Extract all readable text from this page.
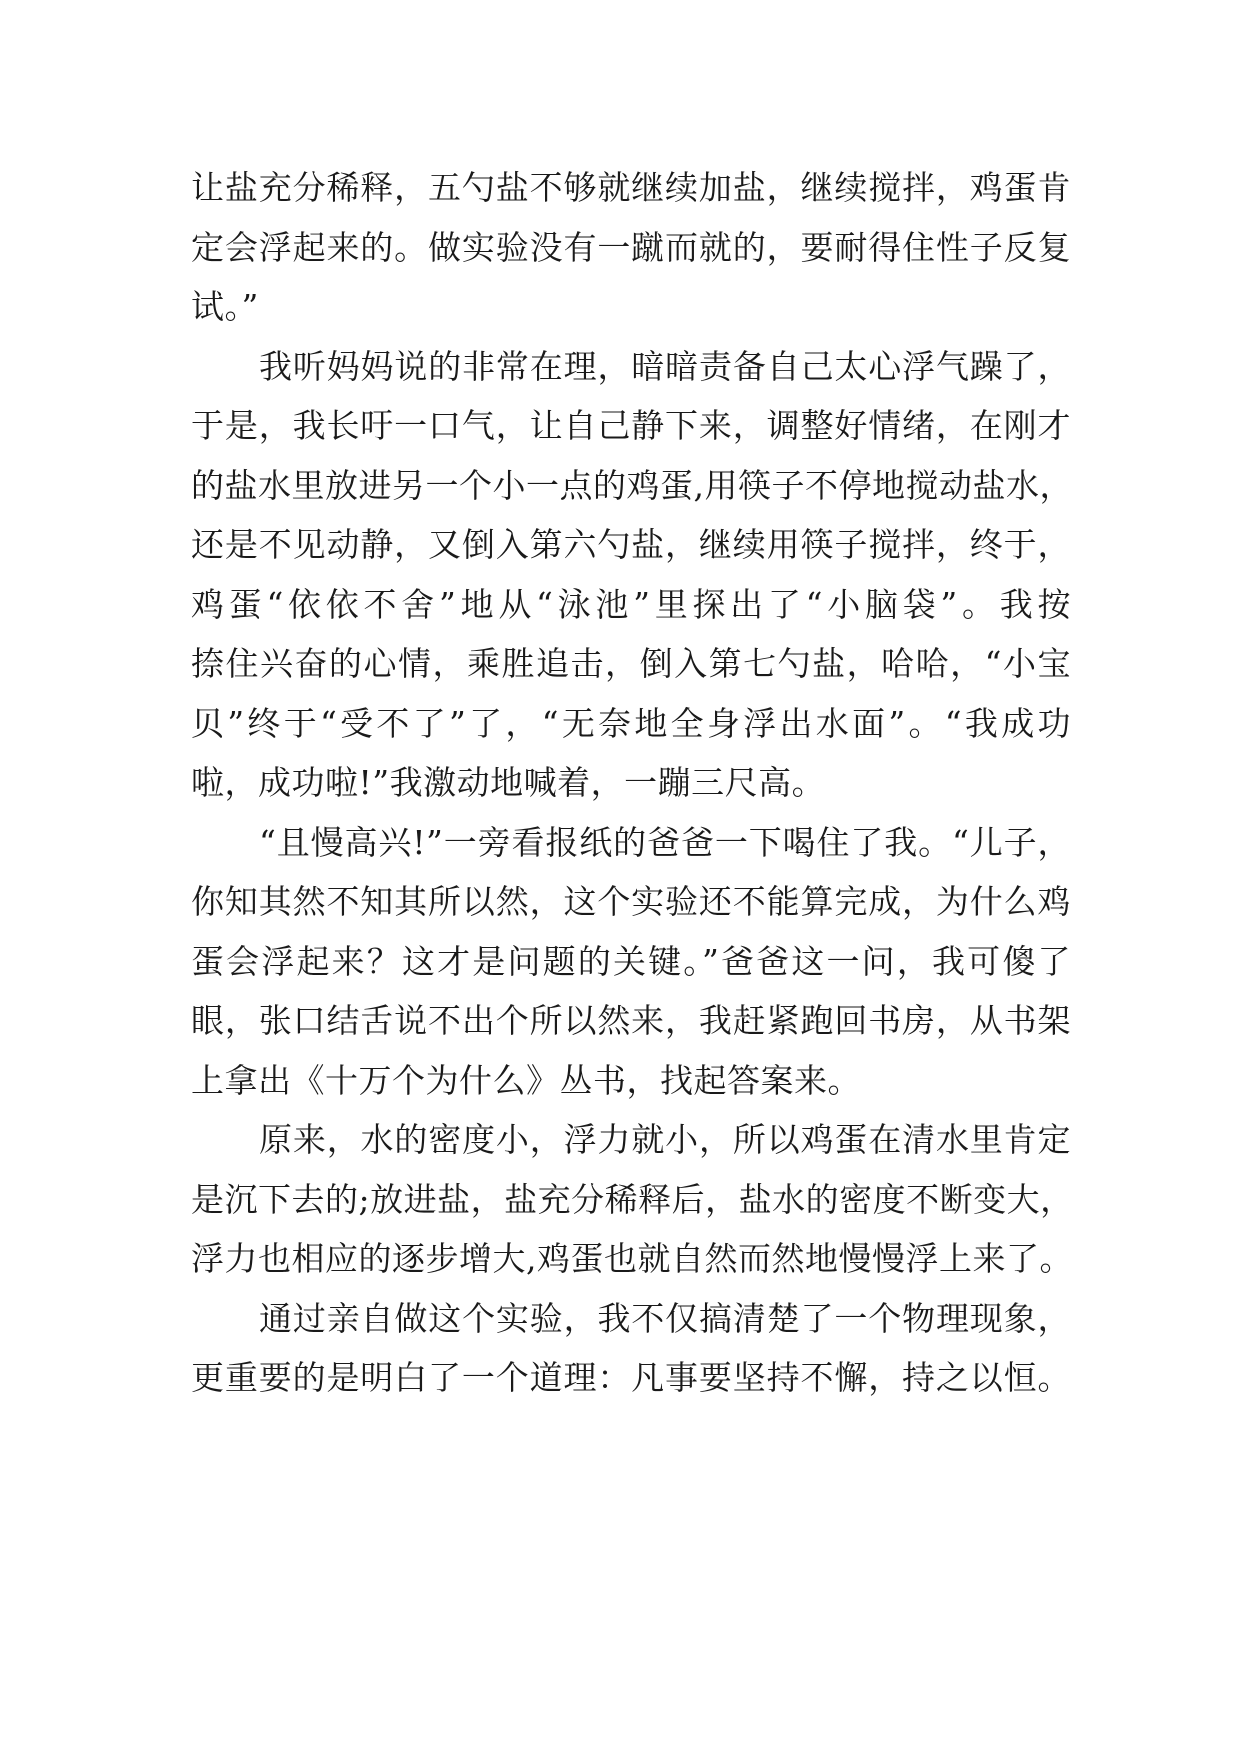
让盐充分稀释，五勺盐不够就继续加盐，继续搅拌，鸡蛋肯
定会浮起来的。做实验没有一蹴而就的，要耐得住性子反复
试。”
我听妈妈说的非常在理，暗暗责备自己太心浮气躁了，
于是，我长吁一口气，让自己静下来，调整好情绪，在刚才
的盐水里放进另一个小一点的鸡蛋,用筷子不停地搅动盐水，
还是不见动静，又倒入第六勺盐，继续用筷子搅拌，终于，
鸡蛋“依依不舍”地从“泳池”里探出了“小脑袋”。我按
捺住兴奋的心情，乘胜追击，倒入第七勺盐，哈哈，“小宝
贝”终于“受不了”了，“无奈地全身浮出水面”。“我成功
啦，成功啦!”我激动地喊着，一蹦三尺高。
“且慢高兴!”一旁看报纸的爸爸一下喝住了我。“儿子，
你知其然不知其所以然，这个实验还不能算完成，为什么鸡
蛋会浮起来？这才是问题的关键。”爸爸这一问，我可傻了
眼，张口结舌说不出个所以然来，我赶紧跑回书房，从书架
上拿出《十万个为什么》丛书，找起答案来。
原来，水的密度小，浮力就小，所以鸡蛋在清水里肯定
是沉下去的;放进盐，盐充分稀释后，盐水的密度不断变大，
浮力也相应的逐步增大,鸡蛋也就自然而然地慢慢浮上来了。
通过亲自做这个实验，我不仅搞清楚了一个物理现象，
更重要的是明白了一个道理：凡事要坚持不懈，持之以恒。
